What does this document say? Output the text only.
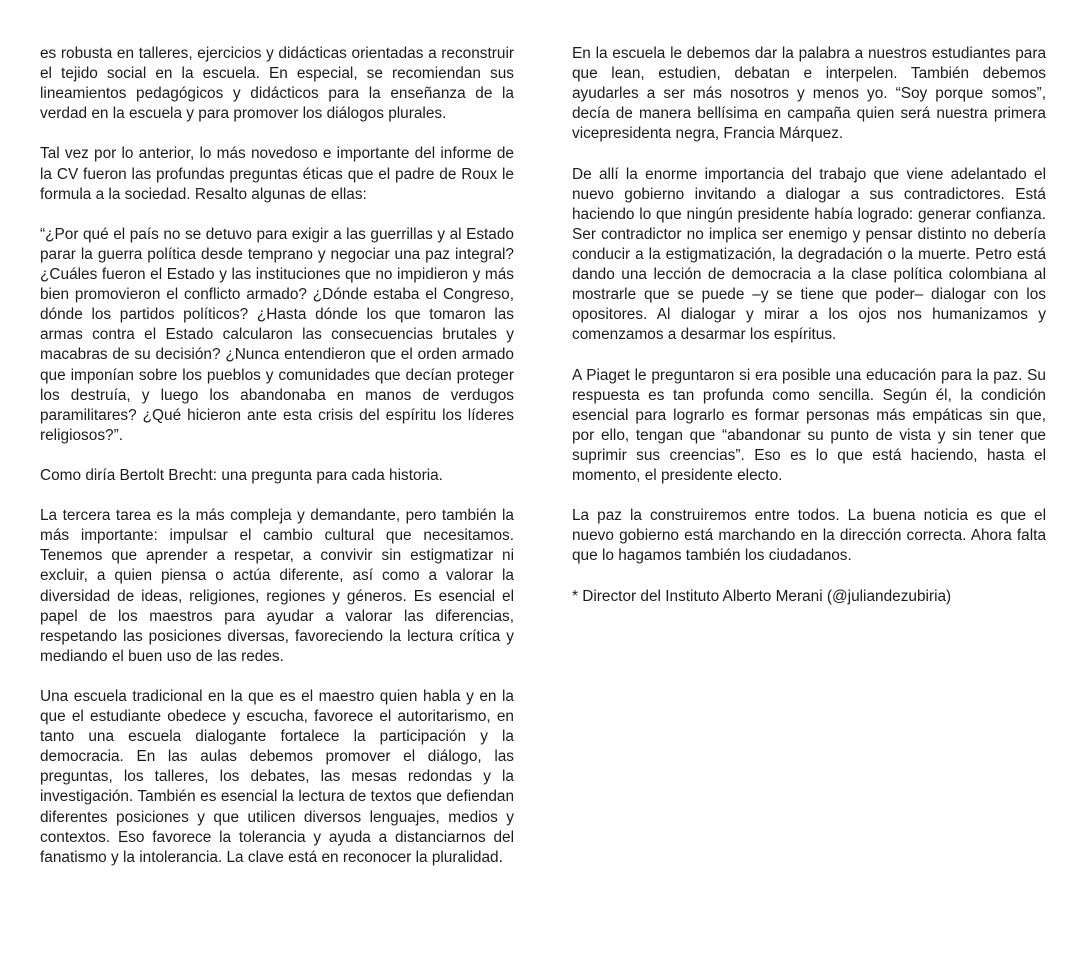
es robusta en talleres, ejercicios y didácticas orientadas a reconstruir el tejido social en la escuela. En especial, se recomiendan sus lineamientos pedagógicos y didácticos para la enseñanza de la verdad en la escuela y para promover los diálogos plurales.

Tal vez por lo anterior, lo más novedoso e importante del informe de la CV fueron las profundas preguntas éticas que el padre de Roux le formula a la sociedad. Resalto algunas de ellas:

“¿Por qué el país no se detuvo para exigir a las guerrillas y al Estado parar la guerra política desde temprano y negociar una paz integral? ¿Cuáles fueron el Estado y las instituciones que no impidieron y más bien promovieron el conflicto armado? ¿Dónde estaba el Congreso, dónde los partidos políticos? ¿Hasta dónde los que tomaron las armas contra el Estado calcularon las consecuencias brutales y macabras de su decisión? ¿Nunca entendieron que el orden armado que imponían sobre los pueblos y comunidades que decían proteger los destruía, y luego los abandonaba en manos de verdugos paramilitares? ¿Qué hicieron ante esta crisis del espíritu los líderes religiosos?”.

Como diría Bertolt Brecht: una pregunta para cada historia.

La tercera tarea es la más compleja y demandante, pero también la más importante: impulsar el cambio cultural que necesitamos. Tenemos que aprender a respetar, a convivir sin estigmatizar ni excluir, a quien piensa o actúa diferente, así como a valorar la diversidad de ideas, religiones, regiones y géneros. Es esencial el papel de los maestros para ayudar a valorar las diferencias, respetando las posiciones diversas, favoreciendo la lectura crítica y mediando el buen uso de las redes.

Una escuela tradicional en la que es el maestro quien habla y en la que el estudiante obedece y escucha, favorece el autoritarismo, en tanto una escuela dialogante fortalece la participación y la democracia. En las aulas debemos promover el diálogo, las preguntas, los talleres, los debates, las mesas redondas y la investigación. También es esencial la lectura de textos que defiendan diferentes posiciones y que utilicen diversos lenguajes, medios y contextos. Eso favorece la tolerancia y ayuda a distanciarnos del fanatismo y la intolerancia. La clave está en reconocer la pluralidad.

En la escuela le debemos dar la palabra a nuestros estudiantes para que lean, estudien, debatan e interpelen. También debemos ayudarles a ser más nosotros y menos yo. “Soy porque somos”, decía de manera bellísima en campaña quien será nuestra primera vicepresidenta negra, Francia Márquez.

De allí la enorme importancia del trabajo que viene adelantado el nuevo gobierno invitando a dialogar a sus contradictores. Está haciendo lo que ningún presidente había logrado: generar confianza. Ser contradictor no implica ser enemigo y pensar distinto no debería conducir a la estigmatización, la degradación o la muerte. Petro está dando una lección de democracia a la clase política colombiana al mostrarle que se puede –y se tiene que poder– dialogar con los opositores. Al dialogar y mirar a los ojos nos humanizamos y comenzamos a desarmar los espíritus.

A Piaget le preguntaron si era posible una educación para la paz. Su respuesta es tan profunda como sencilla. Según él, la condición esencial para lograrlo es formar personas más empáticas sin que, por ello, tengan que “abandonar su punto de vista y sin tener que suprimir sus creencias”. Eso es lo que está haciendo, hasta el momento, el presidente electo.

La paz la construiremos entre todos. La buena noticia es que el nuevo gobierno está marchando en la dirección correcta. Ahora falta que lo hagamos también los ciudadanos.

* Director del Instituto Alberto Merani (@juliandezubiria)
